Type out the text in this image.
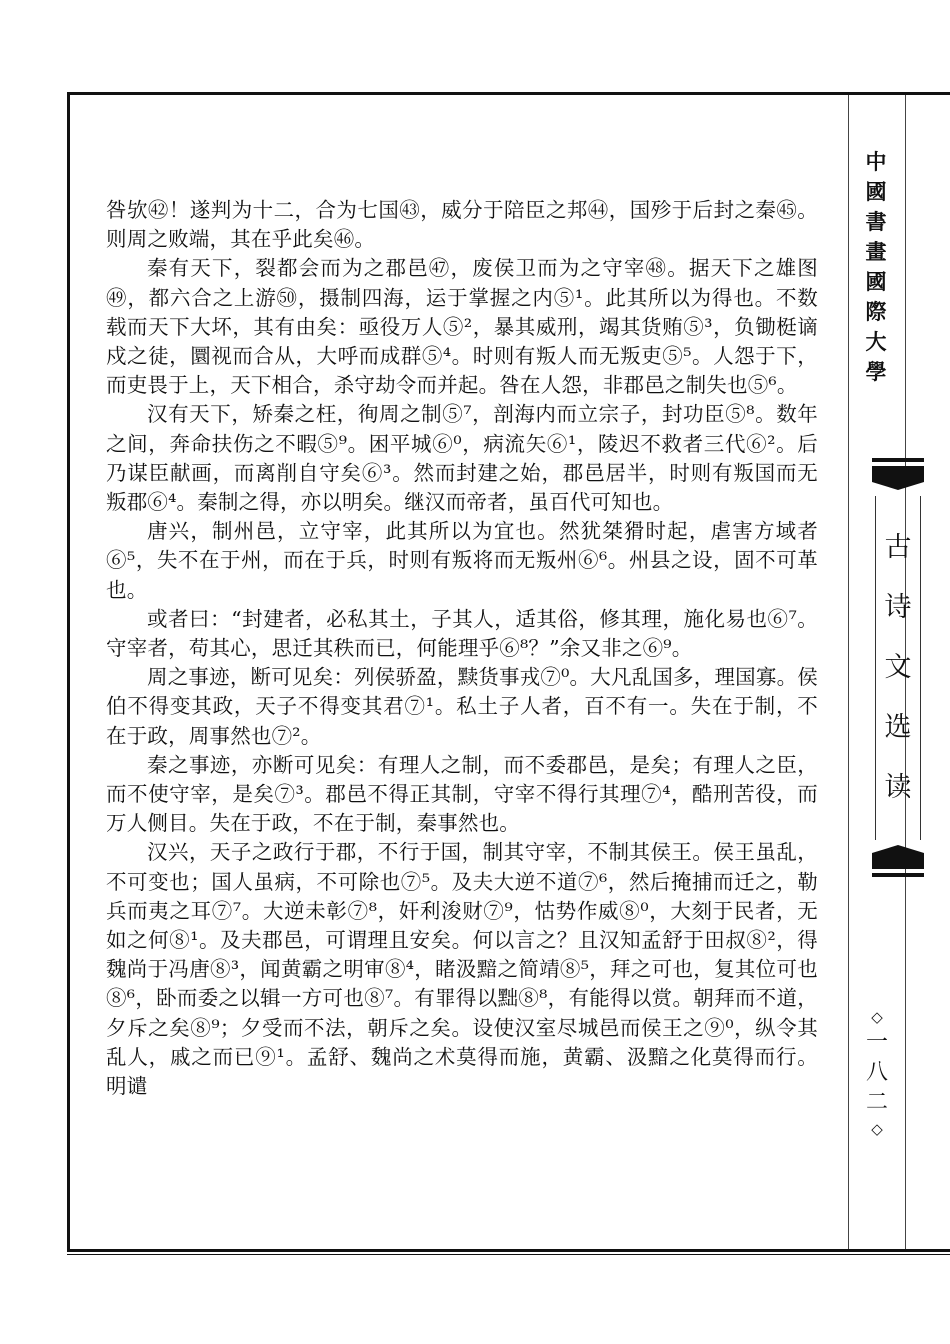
咎欤㊷！遂判为十二，合为七国㊸，威分于陪臣之邦㊹，国殄于后封之秦㊺。则周之败端，其在乎此矣㊻。

秦有天下，裂都会而为之郡邑㊼，废侯卫而为之守宰㊽。据天下之雄图㊾，都六合之上游㊿，摄制四海，运于掌握之内⑤¹。此其所以为得也。不数载而天下大坏，其有由矣：亟役万人⑤²，暴其威刑，竭其货贿⑤³，负锄梃谪戍之徒，圜视而合从，大呼而成群⑤⁴。时则有叛人而无叛吏⑤⁵。人怨于下，而吏畏于上，天下相合，杀守劫令而并起。咎在人怨，非郡邑之制失也⑤⁶。

汉有天下，矫秦之枉，徇周之制⑤⁷，剖海内而立宗子，封功臣⑤⁸。数年之间，奔命扶伤之不暇⑤⁹。困平城⑥⁰，病流矢⑥¹，陵迟不救者三代⑥²。后乃谋臣献画，而离削自守矣⑥³。然而封建之始，郡邑居半，时则有叛国而无叛郡⑥⁴。秦制之得，亦以明矣。继汉而帝者，虽百代可知也。

唐兴，制州邑，立守宰，此其所以为宜也。然犹桀猾时起，虐害方域者⑥⁵，失不在于州，而在于兵，时则有叛将而无叛州⑥⁶。州县之设，固不可革也。

或者曰：“封建者，必私其土，子其人，适其俗，修其理，施化易也⑥⁷。守宰者，苟其心，思迁其秩而已，何能理乎⑥⁸？”余又非之⑥⁹。

周之事迹，断可见矣：列侯骄盈，黩货事戎⑦⁰。大凡乱国多，理国寡。侯伯不得变其政，天子不得变其君⑦¹。私土子人者，百不有一。失在于制，不在于政，周事然也⑦²。

秦之事迹，亦断可见矣：有理人之制，而不委郡邑，是矣；有理人之臣，而不使守宰，是矣⑦³。郡邑不得正其制，守宰不得行其理⑦⁴，酷刑苦役，而万人侧目。失在于政，不在于制，秦事然也。

汉兴，天子之政行于郡，不行于国，制其守宰，不制其侯王。侯王虽乱，不可变也；国人虽病，不可除也⑦⁵。及夫大逆不道⑦⁶，然后掩捕而迁之，勒兵而夷之耳⑦⁷。大逆未彰⑦⁸，奸利浚财⑦⁹，怙势作威⑧⁰，大刻于民者，无如之何⑧¹。及夫郡邑，可谓理且安矣。何以言之？且汉知孟舒于田叔⑧²，得魏尚于冯唐⑧³，闻黄霸之明审⑧⁴，睹汲黯之简靖⑧⁵，拜之可也，复其位可也⑧⁶，卧而委之以辑一方可也⑧⁷。有罪得以黜⑧⁸，有能得以赏。朝拜而不道，夕斥之矣⑧⁹；夕受而不法，朝斥之矣。设使汉室尽城邑而侯王之⑨⁰，纵令其乱人，戚之而已⑨¹。孟舒、魏尚之术莫得而施，黄霸、汲黯之化莫得而行。明谴

中
國
書
畫
國
際
大
學
古
诗
文
选
读
◇
一
八
二
◇
